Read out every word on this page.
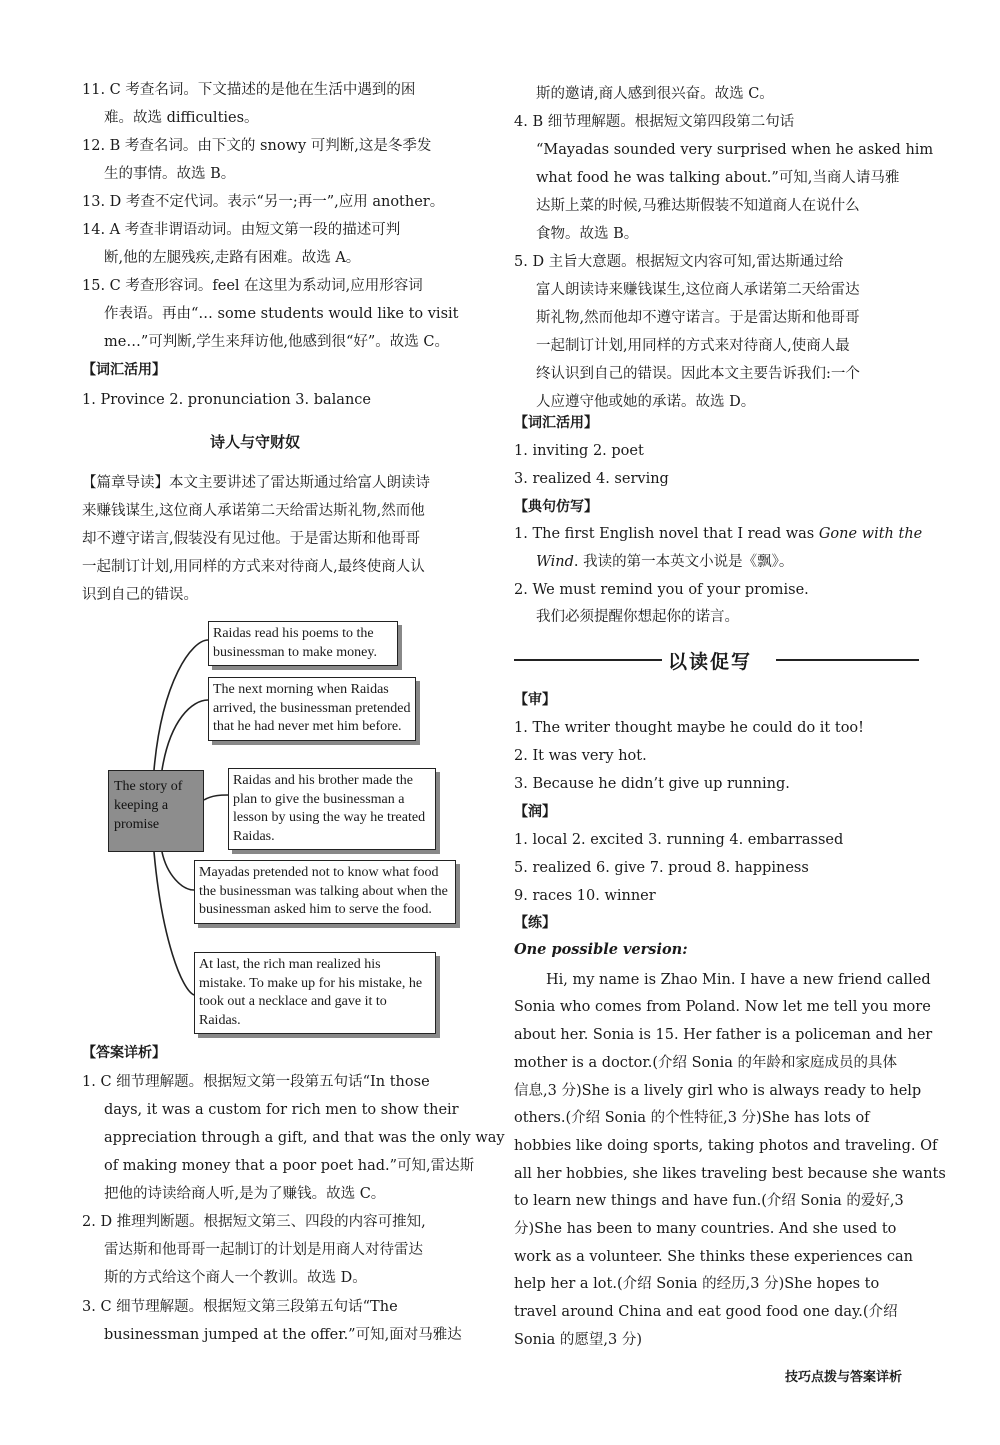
11. C 考查名词。下文描述的是他在生活中遇到的困
难。故选 difficulties。
12. B 考查名词。由下文的 snowy 可判断,这是冬季发
生的事情。故选 B。
13. D 考查不定代词。表示“另一;再一”,应用 another。
14. A 考查非谓语动词。由短文第一段的描述可判
断,他的左腿残疾,走路有困难。故选 A。
15. C 考查形容词。feel 在这里为系动词,应用形容词
作表语。再由“… some students would like to visit
me…”可判断,学生来拜访他,他感到很“好”。故选 C。
【词汇活用】
1. Province 2. pronunciation 3. balance
诗人与守财奴
【篇章导读】本文主要讲述了雷达斯通过给富人朗读诗
来赚钱谋生,这位商人承诺第二天给雷达斯礼物,然而他
却不遵守诺言,假装没有见过他。于是雷达斯和他哥哥
一起制订计划,用同样的方式来对待商人,最终使商人认
识到自己的错误。
The story of keeping a promise
Raidas read his poems to the businessman to make money.
The next morning when Raidas arrived, the businessman pretended that he had never met him before.
Raidas and his brother made the plan to give the businessman a lesson by using the way he treated Raidas.
Mayadas pretended not to know what food the businessman was talking about when the businessman asked him to serve the food.
At last, the rich man realized his mistake. To make up for his mistake, he took out a necklace and gave it to Raidas.
【答案详析】
1. C 细节理解题。根据短文第一段第五句话“In those
days, it was a custom for rich men to show their
appreciation through a gift, and that was the only way
of making money that a poor poet had.”可知,雷达斯
把他的诗读给商人听,是为了赚钱。故选 C。
2. D 推理判断题。根据短文第三、四段的内容可推知,
雷达斯和他哥哥一起制订的计划是用商人对待雷达
斯的方式给这个商人一个教训。故选 D。
3. C 细节理解题。根据短文第三段第五句话“The
businessman jumped at the offer.”可知,面对马雅达
斯的邀请,商人感到很兴奋。故选 C。
4. B 细节理解题。根据短文第四段第二句话
“Mayadas sounded very surprised when he asked him
what food he was talking about.”可知,当商人请马雅
达斯上菜的时候,马雅达斯假装不知道商人在说什么
食物。故选 B。
5. D 主旨大意题。根据短文内容可知,雷达斯通过给
富人朗读诗来赚钱谋生,这位商人承诺第二天给雷达
斯礼物,然而他却不遵守诺言。于是雷达斯和他哥哥
一起制订计划,用同样的方式来对待商人,使商人最
终认识到自己的错误。因此本文主要告诉我们:一个
人应遵守他或她的承诺。故选 D。
【词汇活用】
1. inviting 2. poet
3. realized 4. serving
【典句仿写】
1. The first English novel that I read was Gone with the
Wind. 我读的第一本英文小说是《飘》。
2. We must remind you of your promise.
我们必须提醒你想起你的诺言。
【审】
1. The writer thought maybe he could do it too!
2. It was very hot.
3. Because he didn’t give up running.
【润】
1. local 2. excited 3. running 4. embarrassed
5. realized 6. give 7. proud 8. happiness
9. races 10. winner
【练】
One possible version:
Hi, my name is Zhao Min. I have a new friend called
Sonia who comes from Poland. Now let me tell you more
about her. Sonia is 15. Her father is a policeman and her
mother is a doctor.(介绍 Sonia 的年龄和家庭成员的具体
信息,3 分)She is a lively girl who is always ready to help
others.(介绍 Sonia 的个性特征,3 分)She has lots of
hobbies like doing sports, taking photos and traveling. Of
all her hobbies, she likes traveling best because she wants
to learn new things and have fun.(介绍 Sonia 的爱好,3
分)She has been to many countries. And she used to
work as a volunteer. She thinks these experiences can
help her a lot.(介绍 Sonia 的经历,3 分)She hopes to
travel around China and eat good food one day.(介绍
Sonia 的愿望,3 分)
以读促写
技巧点拨与答案详析
